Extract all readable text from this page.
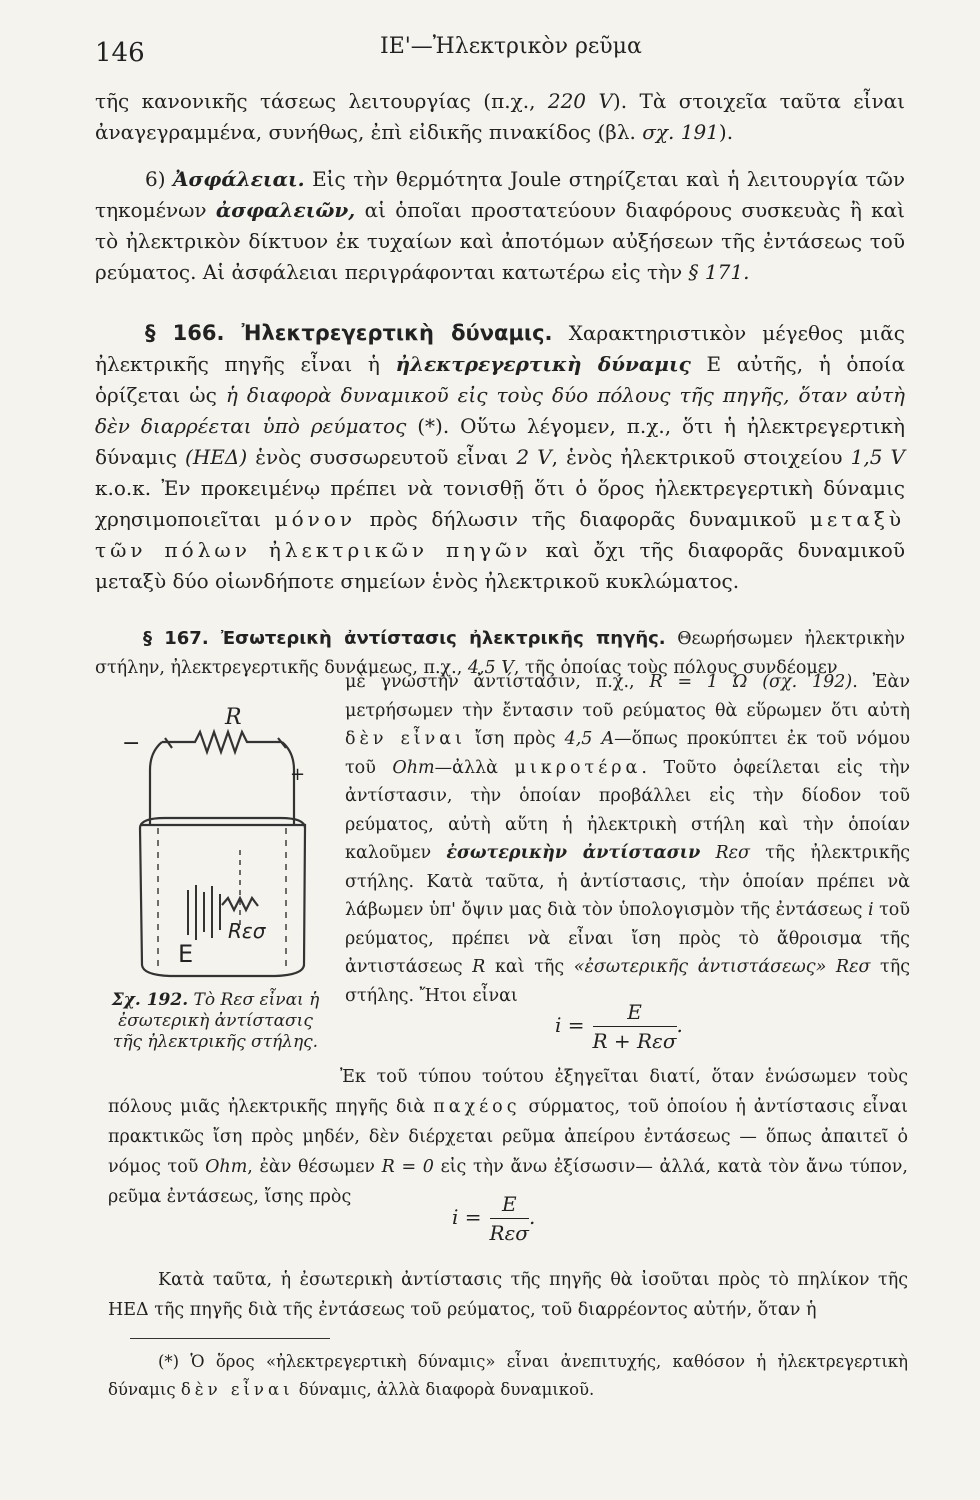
146	ΙΕ'—Ἠλεκτρικὸν ρεῦμα

τῆς κανονικῆς τάσεως λειτουργίας (π.χ., 220 V). Τὰ στοιχεῖα ταῦτα εἶναι ἀναγεγραμμένα, συνήθως, ἐπὶ εἰδικῆς πινακίδος (βλ. σχ. 191).

6) Ἀσφάλειαι. Εἰς τὴν θερμότητα Joule στηρίζεται καὶ ἡ λειτουργία τῶν τηκομένων ἀσφαλειῶν, αἱ ὁποῖαι προστατεύουν διαφόρους συσκευὰς ἢ καὶ τὸ ἠλεκτρικὸν δίκτυον ἐκ τυχαίων καὶ ἀποτόμων αὐξήσεων τῆς ἐντάσεως τοῦ ρεύματος. Αἱ ἀσφάλειαι περιγράφονται κατωτέρω εἰς τὴν § 171.

§ 166. Ἠλεκτρεγερτικὴ δύναμις. Χαρακτηριστικὸν μέγεθος μιᾶς ἠλεκτρικῆς πηγῆς εἶναι ἡ ἠλεκτρεγερτικὴ δύναμις E αὐτῆς, ἡ ὁποία ὁρίζεται ὡς ἡ διαφορὰ δυναμικοῦ εἰς τοὺς δύο πόλους τῆς πηγῆς, ὅταν αὐτὴ δὲν διαρρέεται ὑπὸ ρεύματος (*). Οὕτω λέγομεν, π.χ., ὅτι ἡ ἠλεκτρεγερτικὴ δύναμις (ΗΕΔ) ἑνὸς συσσωρευτοῦ εἶναι 2 V, ἑνὸς ἠλεκτρικοῦ στοιχείου 1,5 V κ.ο.κ. Ἐν προκειμένῳ πρέπει νὰ τονισθῇ ὅτι ὁ ὅρος ἠλεκτρεγερτικὴ δύναμις χρησιμοποιεῖται μόνον πρὸς δήλωσιν τῆς διαφορᾶς δυναμικοῦ μεταξὺ τῶν πόλων ἠλεκτρικῶν πηγῶν καὶ ὄχι τῆς διαφορᾶς δυναμικοῦ μεταξὺ δύο οἱωνδήποτε σημείων ἑνὸς ἠλεκτρικοῦ κυκλώματος.

§ 167. Ἐσωτερικὴ ἀντίστασις ἠλεκτρικῆς πηγῆς. Θεωρήσωμεν ἠλεκτρικὴν στήλην, ἠλεκτρεγερτικῆς δυνάμεως, π.χ., 4,5 V, τῆς ὁποίας τοὺς πόλους συνδέομεν

R
−
+
E
Rεσ
Σχ. 192. Τὸ Rεσ εἶναι ἡ ἐσωτερικὴ ἀντίστασις τῆς ἠλεκτρικῆς στήλης.

μὲ γνωστὴν ἀντίστασιν, π.χ., R = 1 Ω (σχ. 192). Ἐὰν μετρήσωμεν τὴν ἔντασιν τοῦ ρεύματος θὰ εὕρωμεν ὅτι αὐτὴ δὲν εἶναι ἴση πρὸς 4,5 A—ὅπως προκύπτει ἐκ τοῦ νόμου τοῦ Ohm—ἀλλὰ μικροτέρα. Τοῦτο ὀφείλεται εἰς τὴν ἀντίστασιν, τὴν ὁποίαν προβάλλει εἰς τὴν δίοδον τοῦ ρεύματος, αὐτὴ αὕτη ἡ ἠλεκτρικὴ στήλη καὶ τὴν ὁποίαν καλοῦμεν ἐσωτερικὴν ἀντίστασιν Rεσ τῆς ἠλεκτρικῆς στήλης. Κατὰ ταῦτα, ἡ ἀντίστασις, τὴν ὁποίαν πρέπει νὰ λάβωμεν ὑπ' ὄψιν μας διὰ τὸν ὑπολογισμὸν τῆς ἐντάσεως i τοῦ ρεύματος, πρέπει νὰ εἶναι ἴση πρὸς τὸ ἄθροισμα τῆς ἀντιστάσεως R καὶ τῆς «ἐσωτερικῆς ἀντιστάσεως» Rεσ τῆς στήλης. Ἤτοι εἶναι

$i = \frac{E}{\text{R + Rεσ}}$ .

Ἐκ τοῦ τύπου τούτου ἐξηγεῖται διατί, ὅταν ἑνώσωμεν τοὺς πόλους μιᾶς ἠλεκτρικῆς πηγῆς διὰ παχέος σύρματος, τοῦ ὁποίου ἡ ἀντίστασις εἶναι πρακτικῶς ἴση πρὸς μηδέν, δὲν διέρχεται ρεῦμα ἀπείρου ἐντάσεως — ὅπως ἀπαιτεῖ ὁ νόμος τοῦ Ohm, ἐὰν θέσωμεν R = 0 εἰς τὴν ἄνω ἐξίσωσιν— ἀλλά, κατὰ τὸν ἄνω τύπον, ρεῦμα ἐντάσεως, ἴσης πρὸς

$i = \frac{E}{\text{Rεσ}}$ .

Κατὰ ταῦτα, ἡ ἐσωτερικὴ ἀντίστασις τῆς πηγῆς θὰ ἰσοῦται πρὸς τὸ πηλίκον τῆς ΗΕΔ τῆς πηγῆς διὰ τῆς ἐντάσεως τοῦ ρεύματος, τοῦ διαρρέοντος αὐτήν, ὅταν ἡ

(*) Ὁ ὅρος «ἠλεκτρεγερτικὴ δύναμις» εἶναι ἀνεπιτυχής, καθόσον ἡ ἠλεκτρεγερτικὴ δύναμις δὲν εἶναι δύναμις, ἀλλὰ διαφορὰ δυναμικοῦ.
